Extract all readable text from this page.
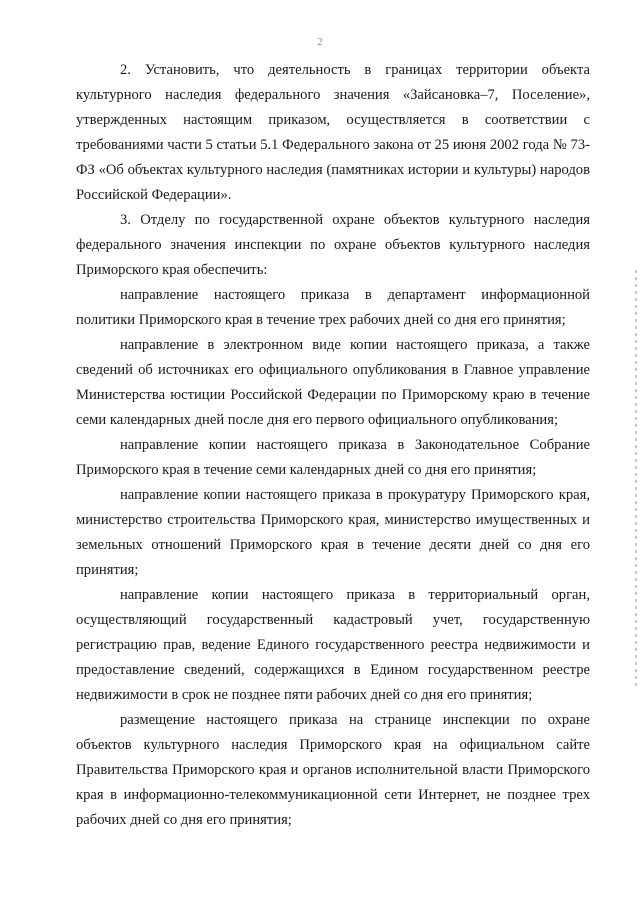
2

2. Установить, что деятельность в границах территории объекта культурного наследия федерального значения «Зайсановка–7, Поселение», утвержденных настоящим приказом, осуществляется в соответствии с требованиями части 5 статьи 5.1 Федерального закона от 25 июня 2002 года № 73-ФЗ «Об объектах культурного наследия (памятниках истории и культуры) народов Российской Федерации».

3. Отделу по государственной охране объектов культурного наследия федерального значения инспекции по охране объектов культурного наследия Приморского края обеспечить:

направление настоящего приказа в департамент информационной политики Приморского края в течение трех рабочих дней со дня его принятия;

направление в электронном виде копии настоящего приказа, а также сведений об источниках его официального опубликования в Главное управление Министерства юстиции Российской Федерации по Приморскому краю в течение семи календарных дней после дня его первого официального опубликования;

направление копии настоящего приказа в Законодательное Собрание Приморского края в течение семи календарных дней со дня его принятия;

направление копии настоящего приказа в прокуратуру Приморского края, министерство строительства Приморского края, министерство имущественных и земельных отношений Приморского края в течение десяти дней со дня его принятия;

направление копии настоящего приказа в территориальный орган, осуществляющий государственный кадастровый учет, государственную регистрацию прав, ведение Единого государственного реестра недвижимости и предоставление сведений, содержащихся в Едином государственном реестре недвижимости в срок не позднее пяти рабочих дней со дня его принятия;

размещение настоящего приказа на странице инспекции по охране объектов культурного наследия Приморского края на официальном сайте Правительства Приморского края и органов исполнительной власти Приморского края в информационно-телекоммуникационной сети Интернет, не позднее трех рабочих дней со дня его принятия;
